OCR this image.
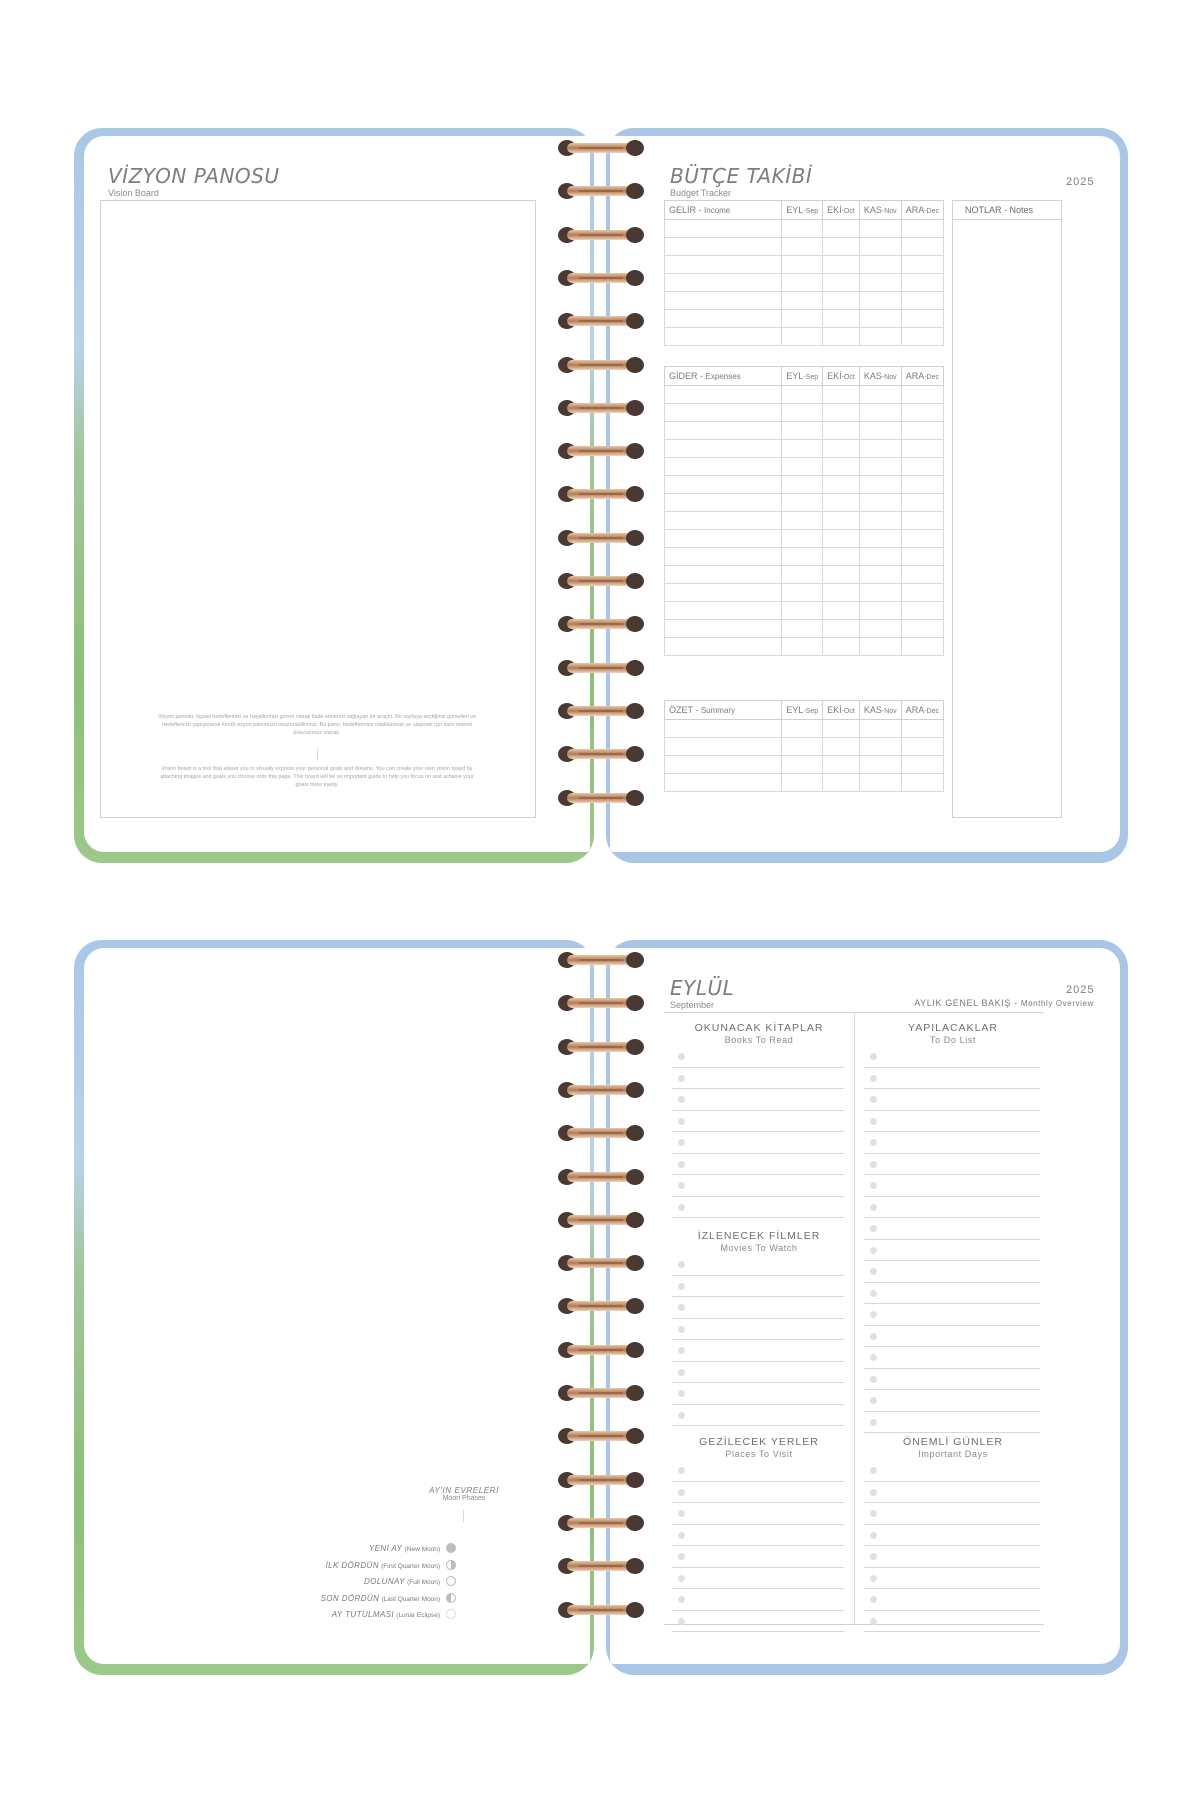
VİZYON PANOSU
Vision Board
Vizyon panosu, kişisel hedeflerinizi ve hayallerinizi görsel olarak ifade etmenizi sağlayan bir araçtır. Bu sayfaya seçtiğiniz görselleri ve hedeflerinizi yapıştırarak kendi vizyon panonuzu oluşturabilirsiniz. Bu pano, hedeflerinize odaklanmak ve ulaşmak için sizin önemli kılavuzunuz olacak.
Vision board is a tool that allows you to visually express your personal goals and dreams. You can create your own vision board by attaching images and goals you choose onto this page. This board will be an important guide to help you focus on and achieve your goals more easily.
BÜTÇE TAKİBİ
Budget Tracker
2025
GELİR - Income	EYL-Sep	EKİ-Oct	KAS-Nov	ARA-Dec

GİDER - Expenses	EYL-Sep	EKİ-Oct	KAS-Nov	ARA-Dec

ÖZET - Summary	EYL-Sep	EKİ-Oct	KAS-Nov	ARA-Dec

NOTLAR - Notes
AY'IN EVRELERİ
Moon Phases
YENİ AY (New Moon)
İLK DÖRDÜN (First Quarter Moon)
DOLUNAY (Full Moon)
SON DÖRDÜN (Last Quarter Moon)
AY TUTULMASI (Lunar Eclipse)
EYLÜL
September
2025
AYLIK GENEL BAKIŞ - Monthly Overview
OKUNACAK KİTAPLAR
Books To Read
İZLENECEK FİLMLER
Movies To Watch
GEZİLECEK YERLER
Places To Visit
YAPILACAKLAR
To Do List
ÖNEMLİ GÜNLER
Important Days
